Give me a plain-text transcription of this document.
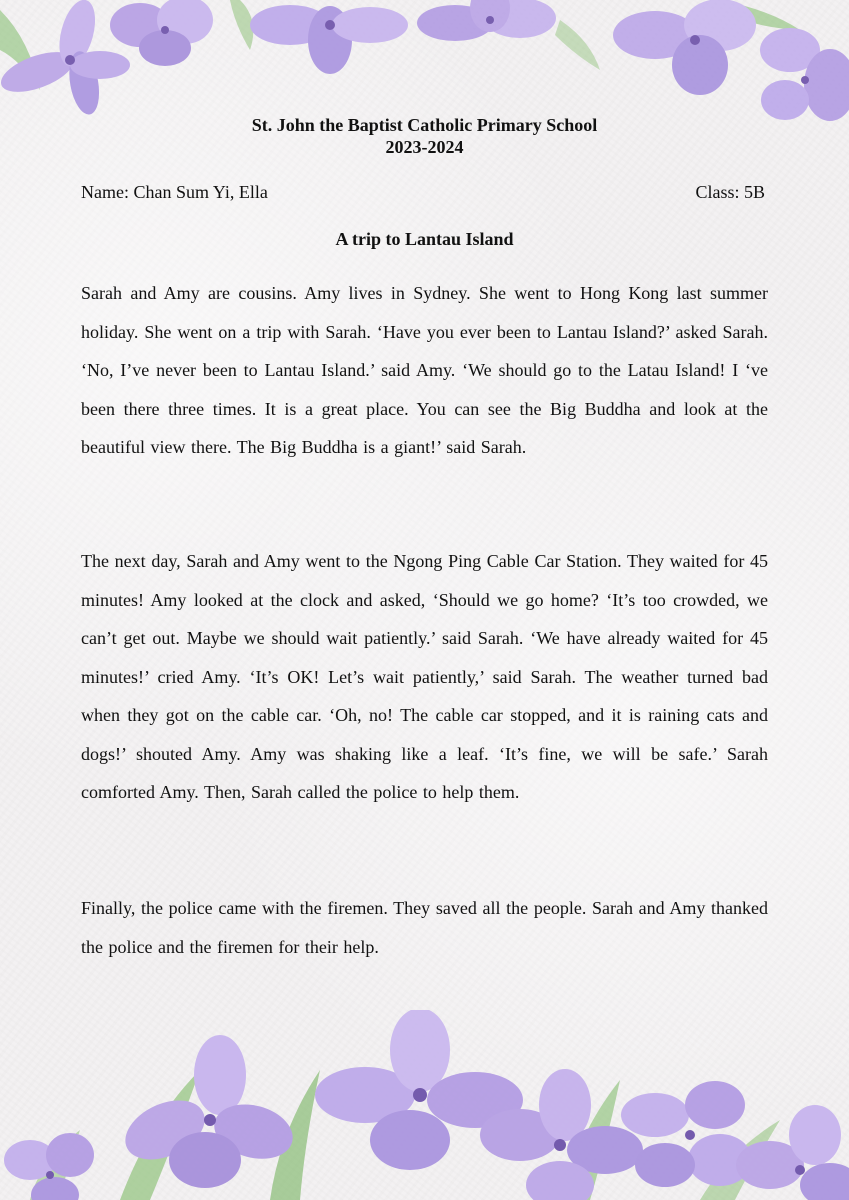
St. John the Baptist Catholic Primary School
2023-2024
Name: Chan Sum Yi, Ella	Class: 5B
A trip to Lantau Island
Sarah and Amy are cousins. Amy lives in Sydney. She went to Hong Kong last summer holiday. She went on a trip with Sarah. ‘Have you ever been to Lantau Island?’ asked Sarah. ‘No, I’ve never been to Lantau Island.’ said Amy. ‘We should go to the Latau Island! I ‘ve been there three times. It is a great place. You can see the Big Buddha and look at the beautiful view there. The Big Buddha is a giant!’ said Sarah.
The next day, Sarah and Amy went to the Ngong Ping Cable Car Station. They waited for 45 minutes! Amy looked at the clock and asked, ‘Should we go home? ‘It’s too crowded, we can’t get out. Maybe we should wait patiently.’ said Sarah. ‘We have already waited for 45 minutes!’ cried Amy. ‘It’s OK! Let’s wait patiently,’ said Sarah. The weather turned bad when they got on the cable car. ‘Oh, no! The cable car stopped, and it is raining cats and dogs!’ shouted Amy. Amy was shaking like a leaf. ‘It’s fine, we will be safe.’ Sarah comforted Amy. Then, Sarah called the police to help them.
Finally, the police came with the firemen. They saved all the people. Sarah and Amy thanked the police and the firemen for their help.
